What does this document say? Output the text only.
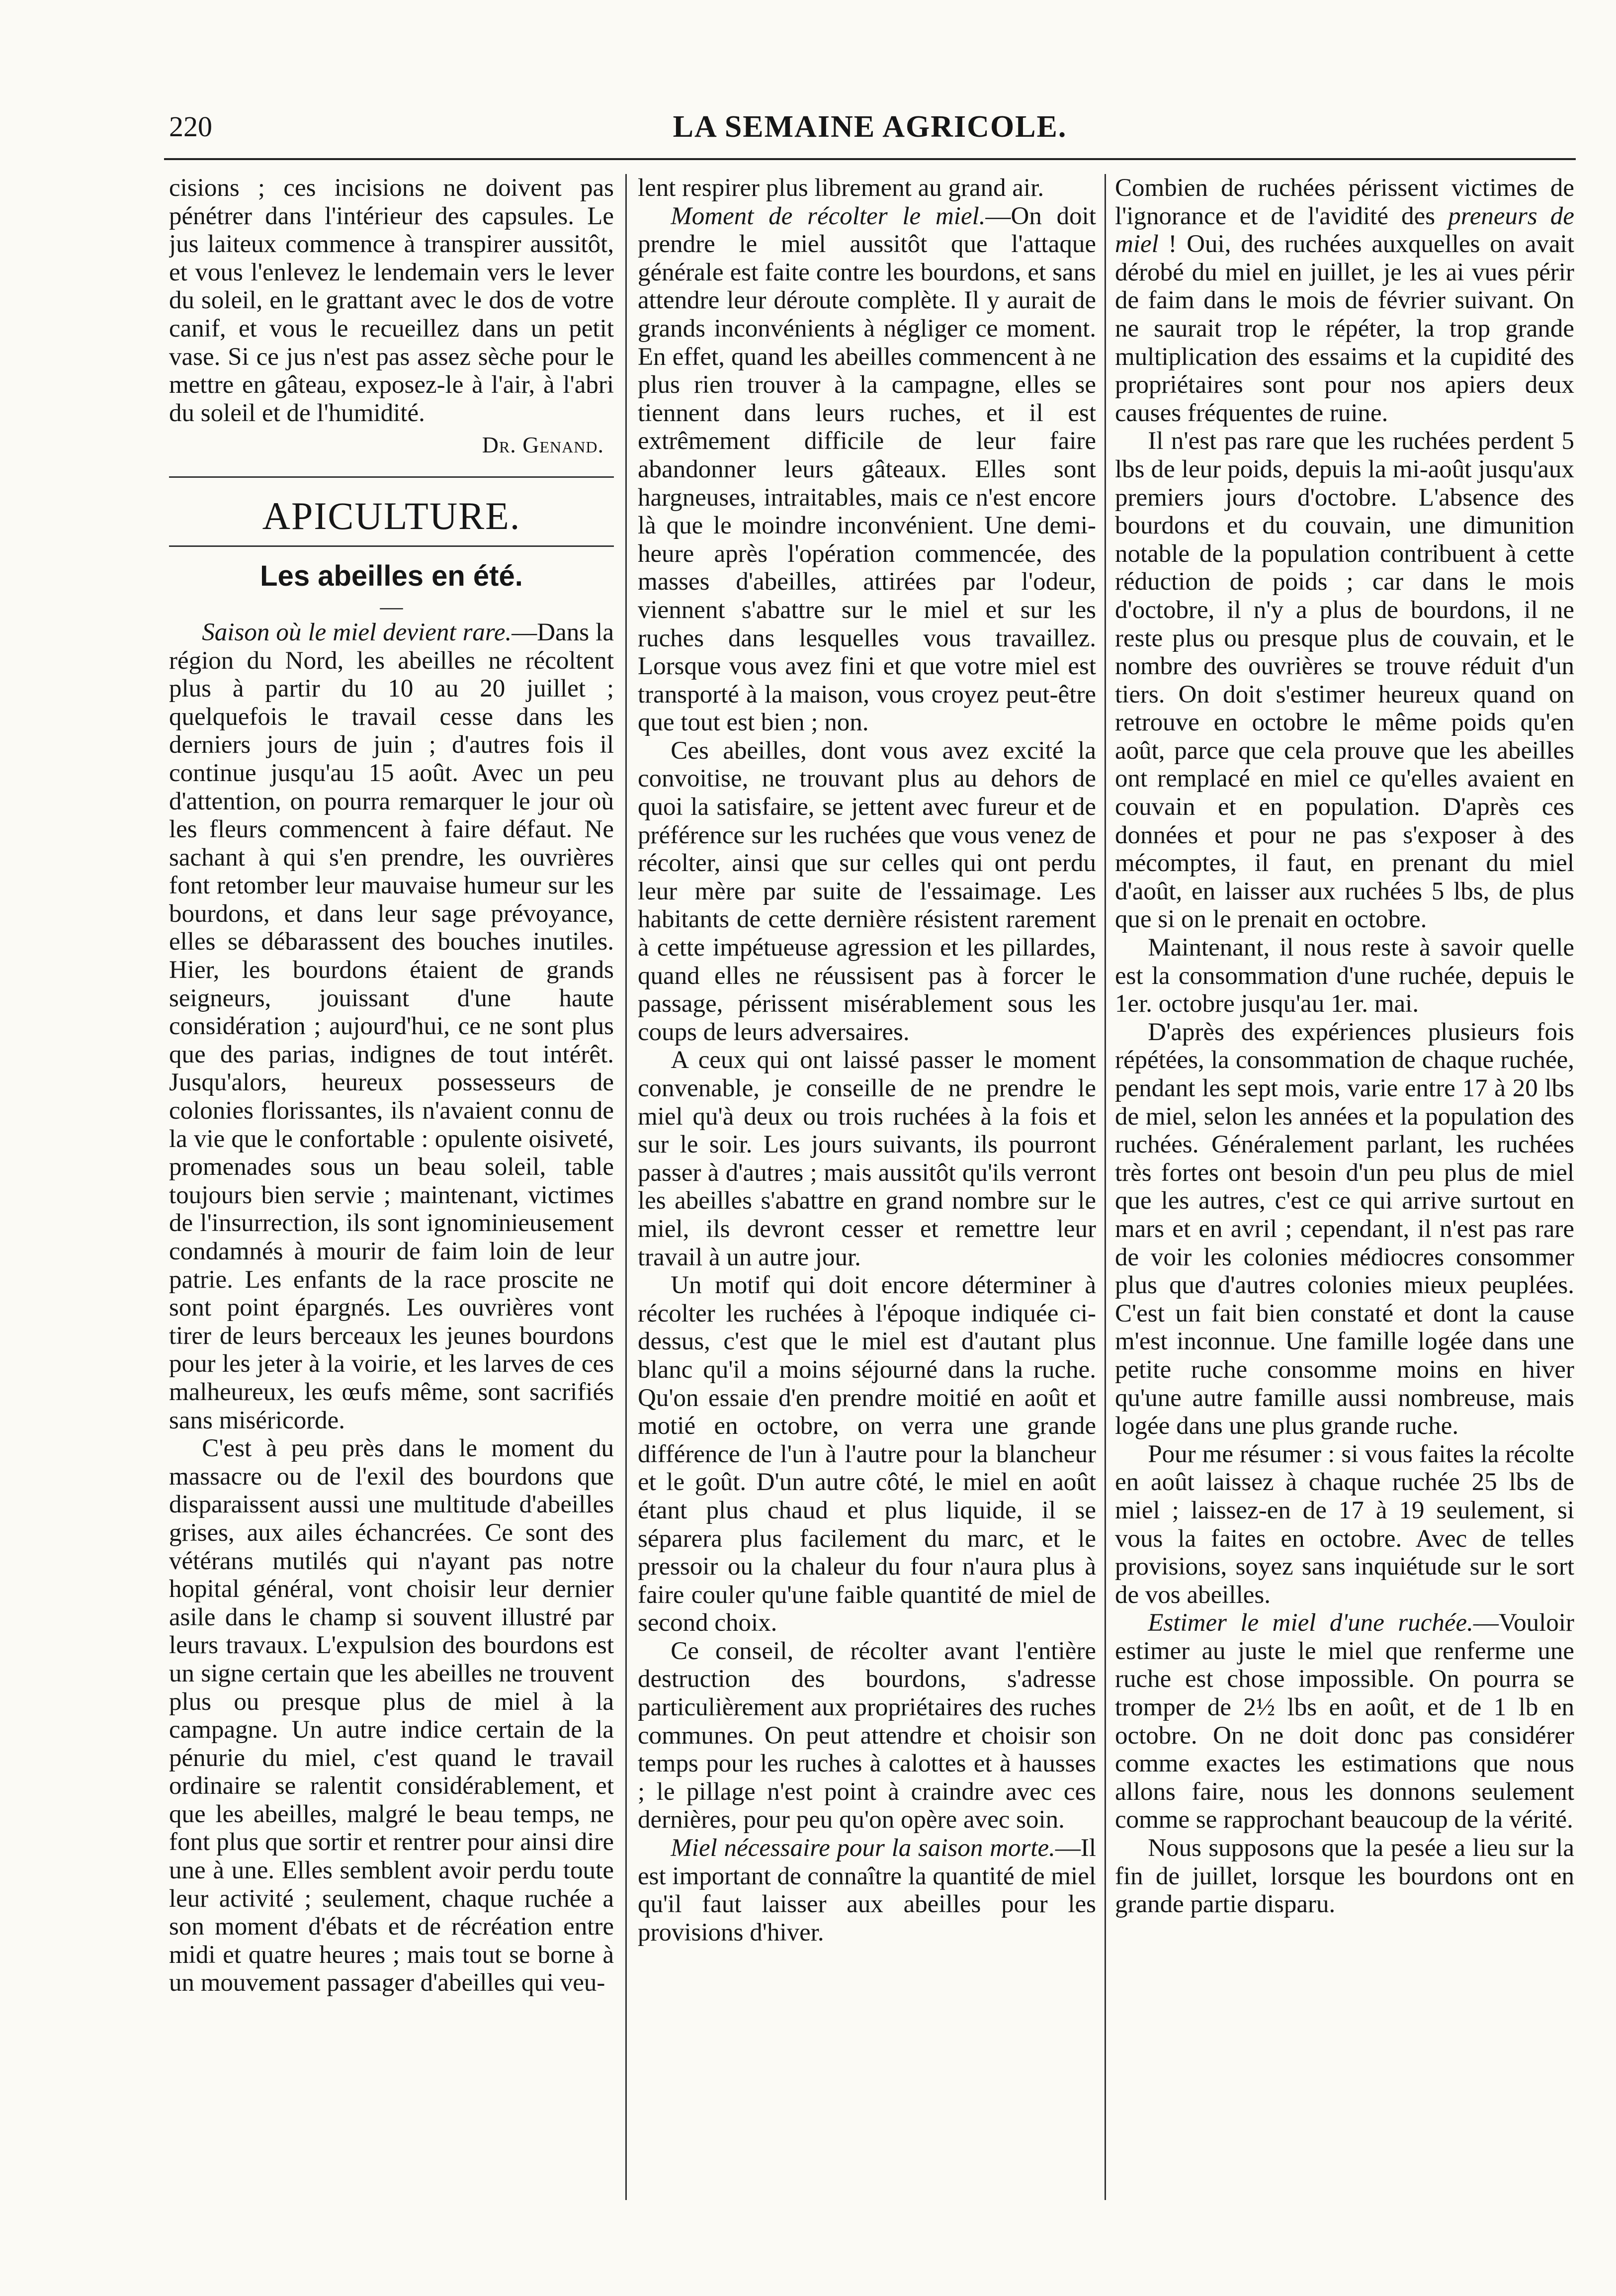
220	LA SEMAINE AGRICOLE.

cisions ; ces incisions ne doivent pas pénétrer dans l'intérieur des capsules. Le jus laiteux commence à transpirer aussitôt, et vous l'enlevez le lendemain vers le lever du soleil, en le grattant avec le dos de votre canif, et vous le recueillez dans un petit vase. Si ce jus n'est pas assez sèche pour le mettre en gâteau, exposez-le à l'air, à l'abri du soleil et de l'humidité.

Dr. Genand.
APICULTURE.
Les abeilles en été.
—

Saison où le miel devient rare.—Dans la région du Nord, les abeilles ne récoltent plus à partir du 10 au 20 juillet ; quelquefois le travail cesse dans les derniers jours de juin ; d'autres fois il continue jusqu'au 15 août. Avec un peu d'attention, on pourra remarquer le jour où les fleurs commencent à faire défaut. Ne sachant à qui s'en prendre, les ouvrières font retomber leur mauvaise humeur sur les bourdons, et dans leur sage prévoyance, elles se débarassent des bouches inutiles. Hier, les bourdons étaient de grands seigneurs, jouissant d'une haute considération ; aujourd'hui, ce ne sont plus que des parias, indignes de tout intérêt. Jusqu'alors, heureux possesseurs de colonies florissantes, ils n'avaient connu de la vie que le confortable : opulente oisiveté, promenades sous un beau soleil, table toujours bien servie ; maintenant, victimes de l'insurrection, ils sont ignominieusement condamnés à mourir de faim loin de leur patrie. Les enfants de la race proscite ne sont point épargnés. Les ouvrières vont tirer de leurs berceaux les jeunes bourdons pour les jeter à la voirie, et les larves de ces malheureux, les œufs même, sont sacrifiés sans miséricorde.

C'est à peu près dans le moment du massacre ou de l'exil des bourdons que disparaissent aussi une multitude d'abeilles grises, aux ailes échancrées. Ce sont des vétérans mutilés qui n'ayant pas notre hopital général, vont choisir leur dernier asile dans le champ si souvent illustré par leurs travaux. L'expulsion des bourdons est un signe certain que les abeilles ne trouvent plus ou presque plus de miel à la campagne. Un autre indice certain de la pénurie du miel, c'est quand le travail ordinaire se ralentit considérablement, et que les abeilles, malgré le beau temps, ne font plus que sortir et rentrer pour ainsi dire une à une. Elles semblent avoir perdu toute leur activité ; seulement, chaque ruchée a son moment d'ébats et de récréation entre midi et quatre heures ; mais tout se borne à un mouvement passager d'abeilles qui veu-

lent respirer plus librement au grand air.

Moment de récolter le miel.—On doit prendre le miel aussitôt que l'attaque générale est faite contre les bourdons, et sans attendre leur déroute complète. Il y aurait de grands inconvénients à négliger ce moment. En effet, quand les abeilles commencent à ne plus rien trouver à la campagne, elles se tiennent dans leurs ruches, et il est extrêmement difficile de leur faire abandonner leurs gâteaux. Elles sont hargneuses, intraitables, mais ce n'est encore là que le moindre inconvénient. Une demi-heure après l'opération commencée, des masses d'abeilles, attirées par l'odeur, viennent s'abattre sur le miel et sur les ruches dans lesquelles vous travaillez. Lorsque vous avez fini et que votre miel est transporté à la maison, vous croyez peut-être que tout est bien ; non.

Ces abeilles, dont vous avez excité la convoitise, ne trouvant plus au dehors de quoi la satisfaire, se jettent avec fureur et de préférence sur les ruchées que vous venez de récolter, ainsi que sur celles qui ont perdu leur mère par suite de l'essaimage. Les habitants de cette dernière résistent rarement à cette impétueuse agression et les pillardes, quand elles ne réussisent pas à forcer le passage, périssent misérablement sous les coups de leurs adversaires.

A ceux qui ont laissé passer le moment convenable, je conseille de ne prendre le miel qu'à deux ou trois ruchées à la fois et sur le soir. Les jours suivants, ils pourront passer à d'autres ; mais aussitôt qu'ils verront les abeilles s'abattre en grand nombre sur le miel, ils devront cesser et remettre leur travail à un autre jour.

Un motif qui doit encore déterminer à récolter les ruchées à l'époque indiquée ci-dessus, c'est que le miel est d'autant plus blanc qu'il a moins séjourné dans la ruche. Qu'on essaie d'en prendre moitié en août et motié en octobre, on verra une grande différence de l'un à l'autre pour la blancheur et le goût. D'un autre côté, le miel en août étant plus chaud et plus liquide, il se séparera plus facilement du marc, et le pressoir ou la chaleur du four n'aura plus à faire couler qu'une faible quantité de miel de second choix.

Ce conseil, de récolter avant l'entière destruction des bourdons, s'adresse particulièrement aux propriétaires des ruches communes. On peut attendre et choisir son temps pour les ruches à calottes et à hausses ; le pillage n'est point à craindre avec ces dernières, pour peu qu'on opère avec soin.

Miel nécessaire pour la saison morte.—Il est important de connaître la quantité de miel qu'il faut laisser aux abeilles pour les provisions d'hiver.

Combien de ruchées périssent victimes de l'ignorance et de l'avidité des preneurs de miel ! Oui, des ruchées auxquelles on avait dérobé du miel en juillet, je les ai vues périr de faim dans le mois de février suivant. On ne saurait trop le répéter, la trop grande multiplication des essaims et la cupidité des propriétaires sont pour nos apiers deux causes fréquentes de ruine.

Il n'est pas rare que les ruchées perdent 5 lbs de leur poids, depuis la mi-août jusqu'aux premiers jours d'octobre. L'absence des bourdons et du couvain, une dimunition notable de la population contribuent à cette réduction de poids ; car dans le mois d'octobre, il n'y a plus de bourdons, il ne reste plus ou presque plus de couvain, et le nombre des ouvrières se trouve réduit d'un tiers. On doit s'estimer heureux quand on retrouve en octobre le même poids qu'en août, parce que cela prouve que les abeilles ont remplacé en miel ce qu'elles avaient en couvain et en population. D'après ces données et pour ne pas s'exposer à des mécomptes, il faut, en prenant du miel d'août, en laisser aux ruchées 5 lbs, de plus que si on le prenait en octobre.

Maintenant, il nous reste à savoir quelle est la consommation d'une ruchée, depuis le 1er. octobre jusqu'au 1er. mai.

D'après des expériences plusieurs fois répétées, la consommation de chaque ruchée, pendant les sept mois, varie entre 17 à 20 lbs de miel, selon les années et la population des ruchées. Généralement parlant, les ruchées très fortes ont besoin d'un peu plus de miel que les autres, c'est ce qui arrive surtout en mars et en avril ; cependant, il n'est pas rare de voir les colonies médiocres consommer plus que d'autres colonies mieux peuplées. C'est un fait bien constaté et dont la cause m'est inconnue. Une famille logée dans une petite ruche consomme moins en hiver qu'une autre famille aussi nombreuse, mais logée dans une plus grande ruche.

Pour me résumer : si vous faites la récolte en août laissez à chaque ruchée 25 lbs de miel ; laissez-en de 17 à 19 seulement, si vous la faites en octobre. Avec de telles provisions, soyez sans inquiétude sur le sort de vos abeilles.

Estimer le miel d'une ruchée.—Vouloir estimer au juste le miel que renferme une ruche est chose impossible. On pourra se tromper de 2½ lbs en août, et de 1 lb en octobre. On ne doit donc pas considérer comme exactes les estimations que nous allons faire, nous les donnons seulement comme se rapprochant beaucoup de la vérité.

Nous supposons que la pesée a lieu sur la fin de juillet, lorsque les bourdons ont en grande partie disparu.
